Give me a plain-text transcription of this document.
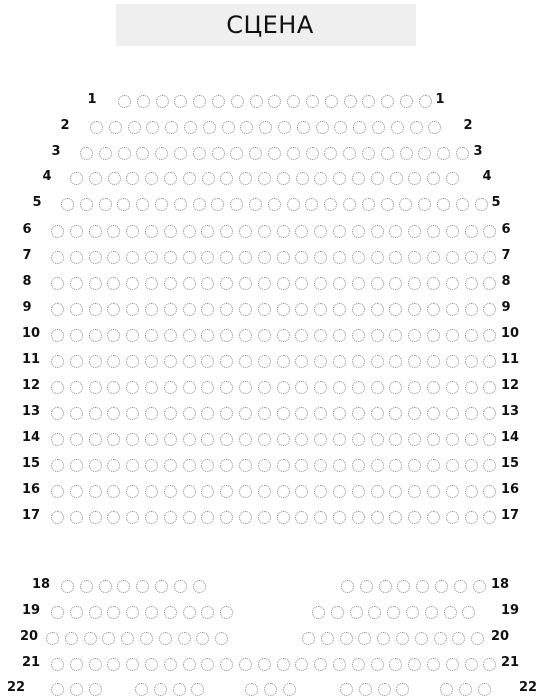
СЦЕНА
1	1
2	2
3	3
4	4
5	5
6	6
7	7
8	8
9	9
10	10
11	11
12	12
13	13
14	14
15	15
16	16
17	17
18	18
19	19
20	20
21	21
22	22
